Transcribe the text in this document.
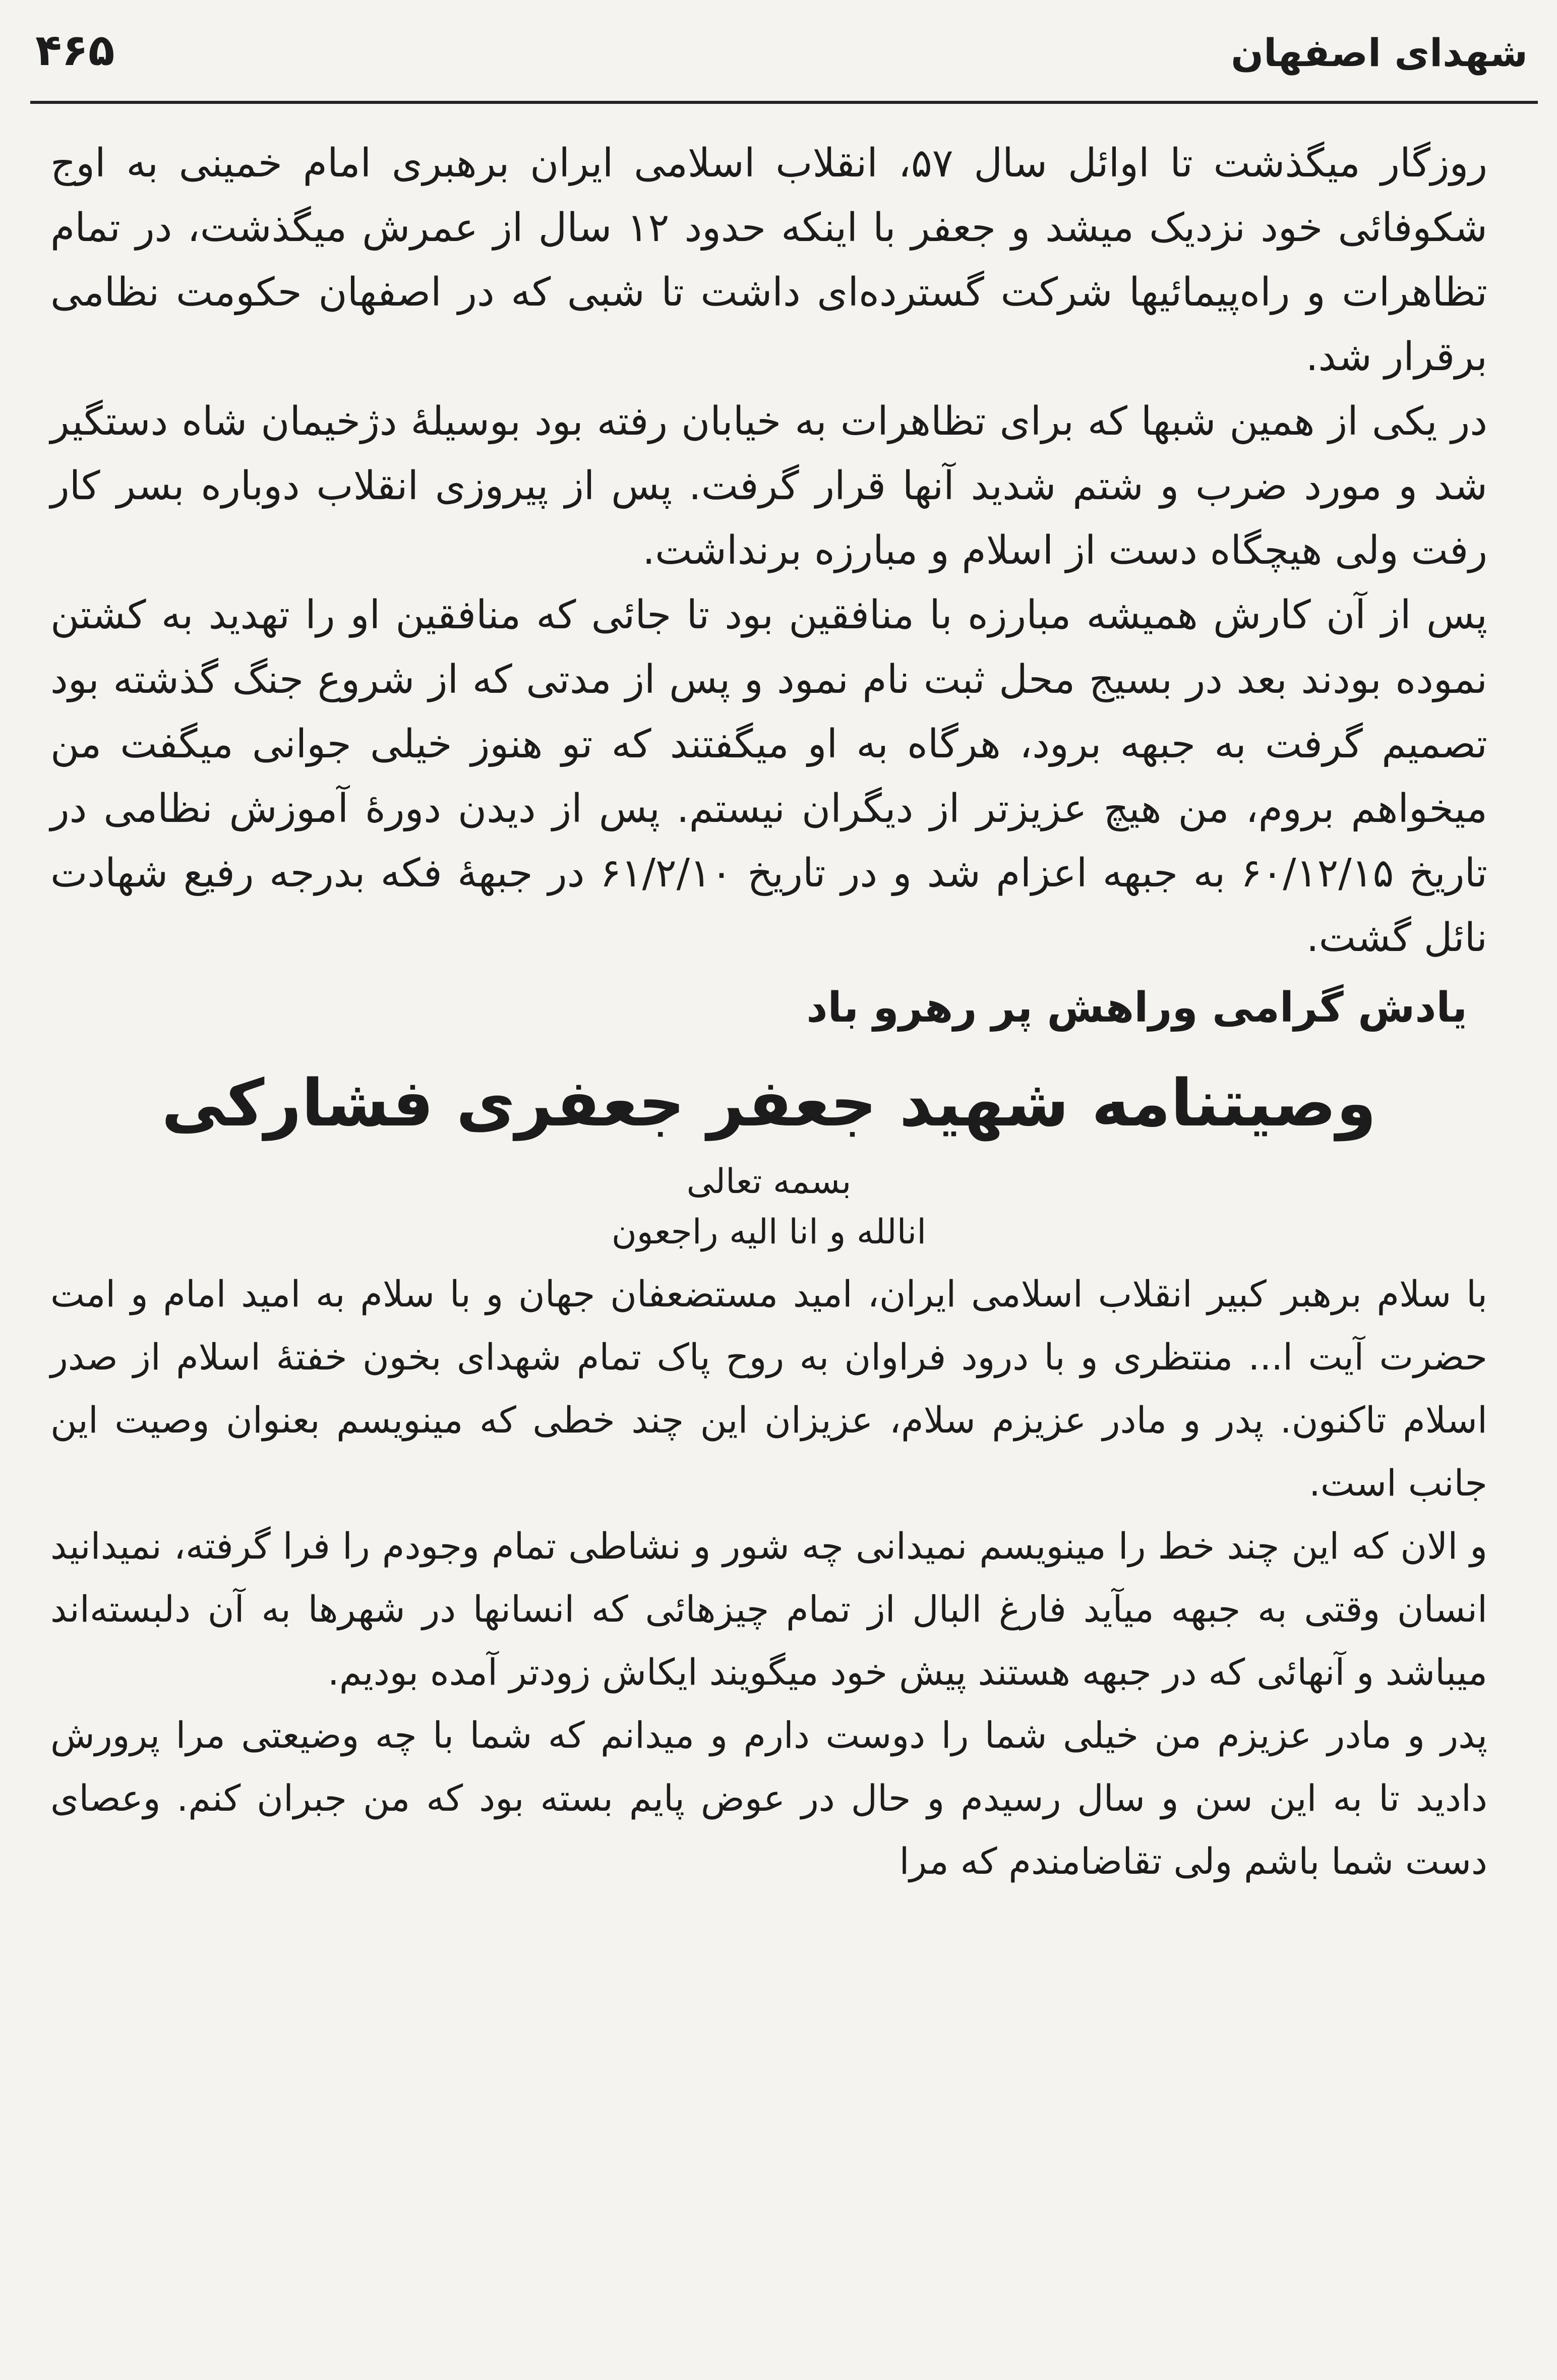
۴۶۵	شهدای اصفهان

روزگار میگذشت تا اوائل سال ۵۷، انقلاب اسلامی ایران برهبری امام خمینی به اوج شکوفائی خود نزدیک میشد و جعفر با اینکه حدود ۱۲ سال از عمرش میگذشت، در تمام تظاهرات و راه‌پیمائیها شرکت گسترده‌ای داشت تا شبی که در اصفهان حکومت نظامی برقرار شد.

در یکی از همین شبها که برای تظاهرات به خیابان رفته بود بوسیلهٔ دژخیمان شاه دستگیر شد و مورد ضرب و شتم شدید آنها قرار گرفت. پس از پیروزی انقلاب دوباره بسر کار رفت ولی هیچگاه دست از اسلام و مبارزه برنداشت.

پس از آن کارش همیشه مبارزه با منافقین بود تا جائی که منافقین او را تهدید به کشتن نموده بودند بعد در بسیج محل ثبت نام نمود و پس از مدتی که از شروع جنگ گذشته بود تصمیم گرفت به جبهه برود، هرگاه به او میگفتند که تو هنوز خیلی جوانی میگفت من میخواهم بروم، من هیچ عزیزتر از دیگران نیستم. پس از دیدن دورهٔ آموزش نظامی در تاریخ ۶۰/۱۲/۱۵ به جبهه اعزام شد و در تاریخ ۶۱/۲/۱۰ در جبههٔ فکه بدرجه رفیع شهادت نائل گشت.

یادش گرامی وراهش پر رهرو باد

وصیتنامه شهید جعفر جعفری فشارکی

بسمه تعالی

انالله و انا الیه راجعون

با سلام برهبر کبیر انقلاب اسلامی ایران، امید مستضعفان جهان و با سلام به امید امام و امت حضرت آیت ا... منتظری و با درود فراوان به روح پاک تمام شهدای بخون خفتهٔ اسلام از صدر اسلام تاکنون. پدر و مادر عزیزم سلام، عزیزان این چند خطی که مینویسم بعنوان وصیت این جانب است.

و الان که این چند خط را مینویسم نمیدانی چه شور و نشاطی تمام وجودم را فرا گرفته، نمیدانید انسان وقتی به جبهه میآید فارغ البال از تمام چیزهائی که انسانها در شهرها به آن دلبسته‌اند میباشد و آنهائی که در جبهه هستند پیش خود میگویند ایکاش زودتر آمده بودیم.

پدر و مادر عزیزم من خیلی شما را دوست دارم و میدانم که شما با چه وضیعتی مرا پرورش دادید تا به این سن و سال رسیدم و حال در عوض پایم بسته بود که من جبران کنم. وعصای دست شما باشم ولی تقاضامندم که مرا
